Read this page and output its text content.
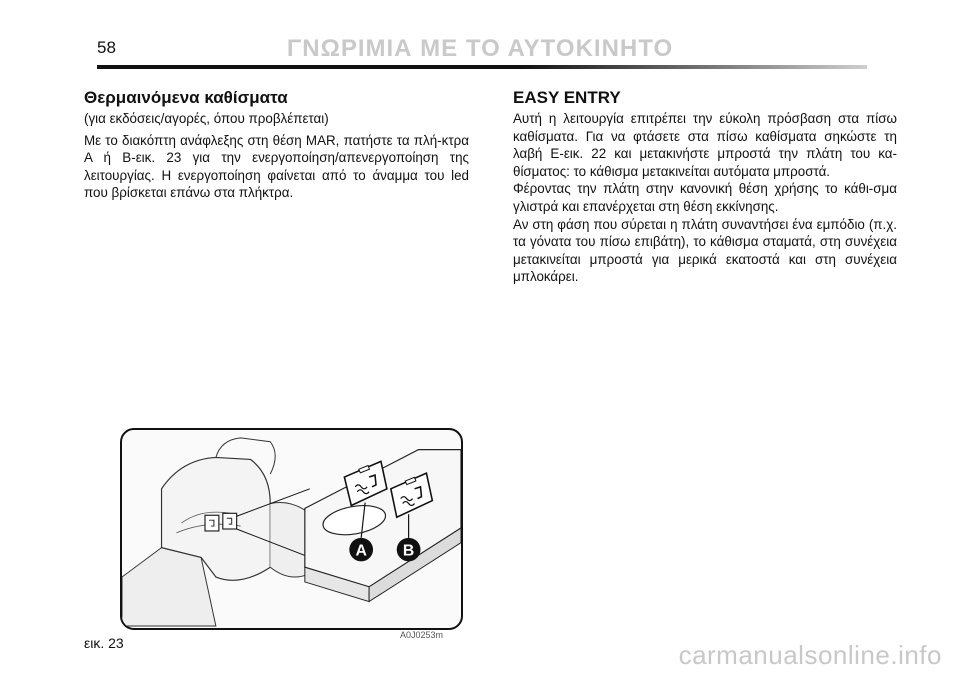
58	ΓΝΩΡΙΜΙΑ ΜΕ ΤΟ ΑΥΤΟΚΙΝΗΤΟ
Θερμαινόμενα καθίσματα

(για εκδόσεις/αγορές, όπου προβλέπεται)

Με το διακόπτη ανάφλεξης στη θέση MAR, πατήστε τα πλή-κτρα A ή B-εικ. 23 για την ενεργοποίηση/απενεργοποίηση της λειτουργίας. Η ενεργοποίηση φαίνεται από το άναμμα του led που βρίσκεται επάνω στα πλήκτρα.

EASY ENTRY

Αυτή η λειτουργία επιτρέπει την εύκολη πρόσβαση στα πίσω καθίσματα. Για να φτάσετε στα πίσω καθίσματα σηκώστε τη λαβή E-εικ. 22 και μετακινήστε μπροστά την πλάτη του κα-θίσματος: το κάθισμα μετακινείται αυτόματα μπροστά.

Φέροντας την πλάτη στην κανονική θέση χρήσης το κάθι-σμα γλιστρά και επανέρχεται στη θέση εκκίνησης.

Αν στη φάση που σύρεται η πλάτη συναντήσει ένα εμπόδιο (π.χ. τα γόνατα του πίσω επιβάτη), το κάθισμα σταματά, στη συνέχεια μετακινείται μπροστά για μερικά εκατοστά και στη συνέχεια μπλοκάρει.

A B
A0J0253m
εικ. 23	carmanualsonline.info
